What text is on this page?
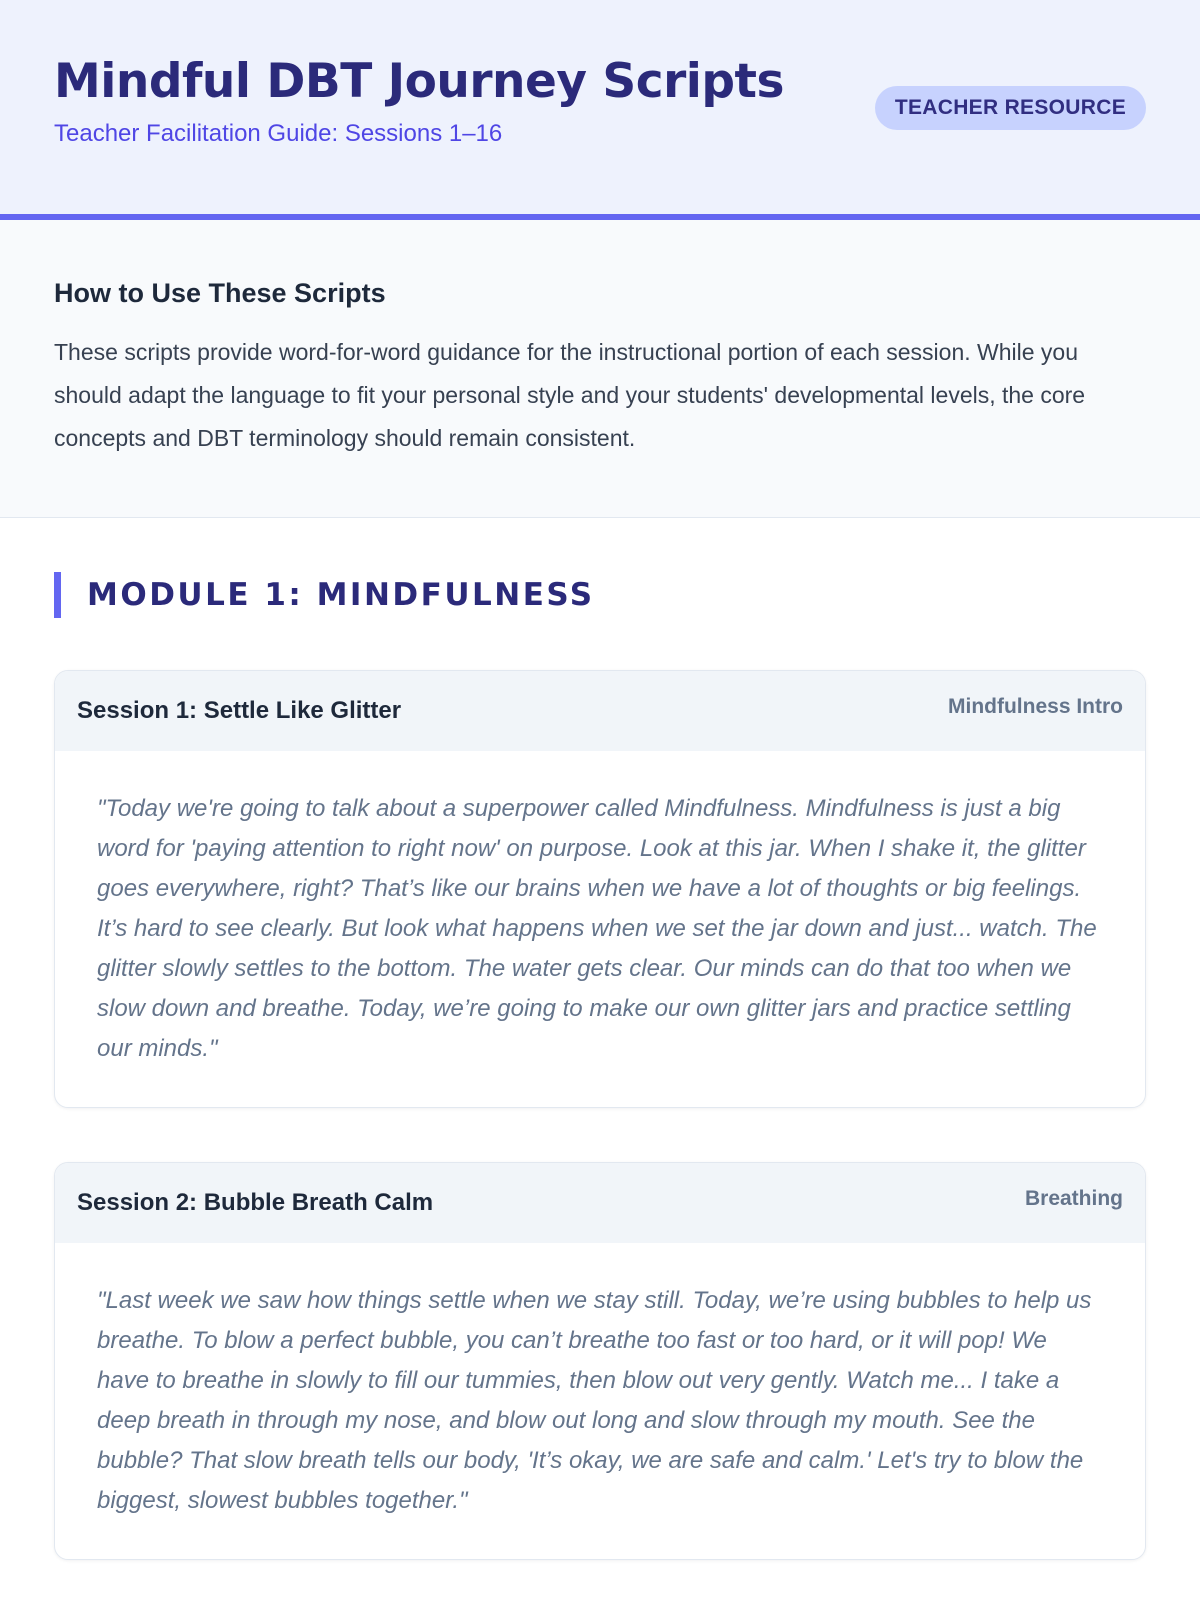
Mindful DBT Journey Scripts
Teacher Facilitation Guide: Sessions 1–16
TEACHER RESOURCE
How to Use These Scripts

These scripts provide word-for-word guidance for the instructional portion of each session. While you should adapt the language to fit your personal style and your students' developmental levels, the core concepts and DBT terminology should remain consistent.

MODULE 1: MINDFULNESS
Session 1: Settle Like Glitter	Mindfulness Intro

"Today we're going to talk about a superpower called Mindfulness. Mindfulness is just a big word for 'paying attention to right now' on purpose. Look at this jar. When I shake it, the glitter goes everywhere, right? That’s like our brains when we have a lot of thoughts or big feelings. It’s hard to see clearly. But look what happens when we set the jar down and just... watch. The glitter slowly settles to the bottom. The water gets clear. Our minds can do that too when we slow down and breathe. Today, we’re going to make our own glitter jars and practice settling our minds."

Session 2: Bubble Breath Calm	Breathing

"Last week we saw how things settle when we stay still. Today, we’re using bubbles to help us breathe. To blow a perfect bubble, you can’t breathe too fast or too hard, or it will pop! We have to breathe in slowly to fill our tummies, then blow out very gently. Watch me... I take a deep breath in through my nose, and blow out long and slow through my mouth. See the bubble? That slow breath tells our body, 'It’s okay, we are safe and calm.' Let's try to blow the biggest, slowest bubbles together."
